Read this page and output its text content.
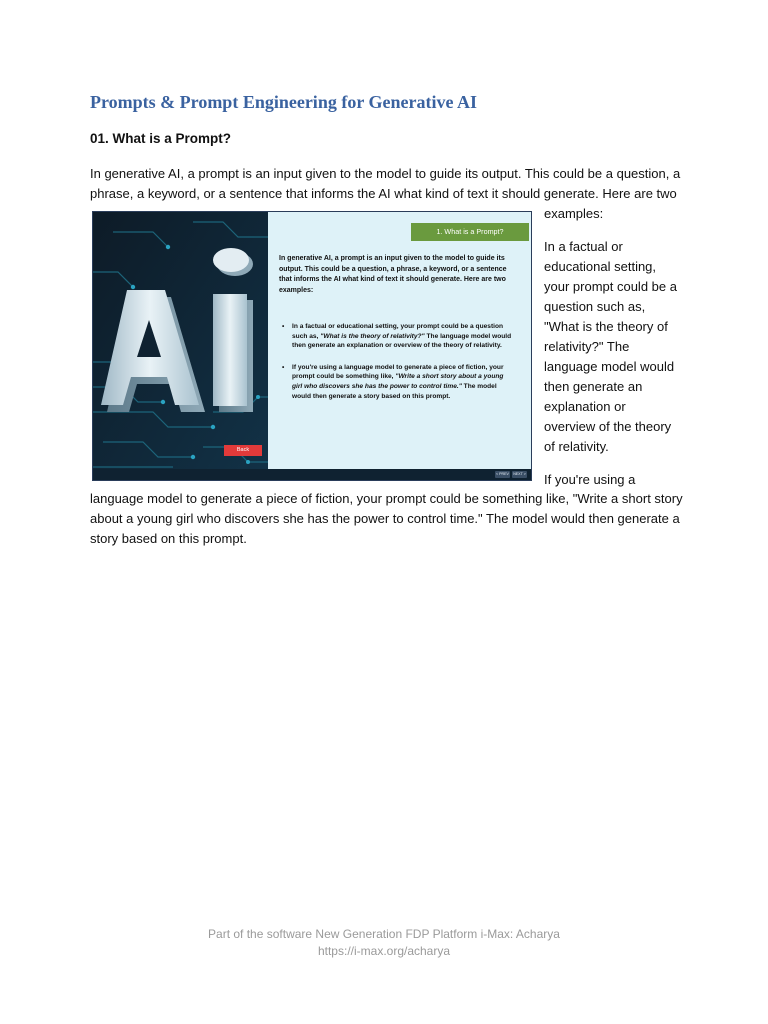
Prompts & Prompt Engineering for Generative AI
01. What is a Prompt?

In generative AI, a prompt is an input given to the model to guide its output. This could be a question, a
phrase, a keyword, or a sentence that informs the AI what kind of text it should generate. Here are two

examples:

In a factual or
educational setting,
your prompt could be a
question such as,
"What is the theory of
relativity?" The
language model would
then generate an
explanation or
overview of the theory
of relativity.

If you're using a

language model to generate a piece of fiction, your prompt could be something like, "Write a short story
about a young girl who discovers she has the power to control time." The model would then generate a
story based on this prompt.

1. What is a Prompt?

In generative AI, a prompt is an input given to the model to guide its output. This could be a question, a phrase, a keyword, or a sentence that informs the AI what kind of text it should generate. Here are two examples:

• In a factual or educational setting, your prompt could be a question such as, "What is the theory of relativity?" The language model would then generate an explanation or overview of the theory of relativity.
• If you're using a language model to generate a piece of fiction, your prompt could be something like, "Write a short story about a young girl who discovers she has the power to control time." The model would then generate a story based on this prompt.
Back
< PREV	NEXT >
Part of the software New Generation FDP Platform i-Max: Acharya
https://i-max.org/acharya
